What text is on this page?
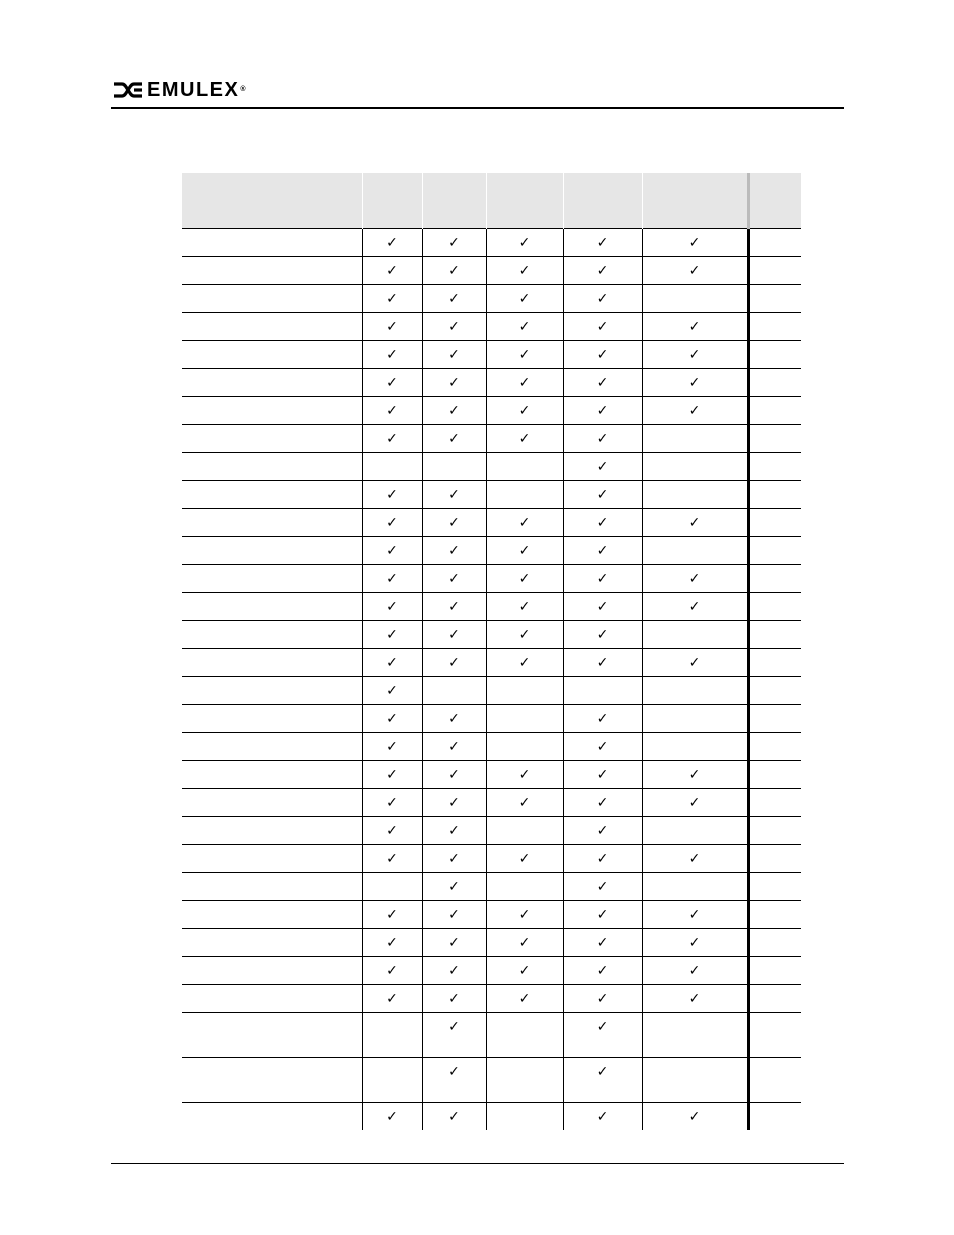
EMULEX®

	✓	✓	✓	✓	✓	
	✓	✓	✓	✓	✓	
	✓	✓	✓	✓		
	✓	✓	✓	✓	✓	
	✓	✓	✓	✓	✓	
	✓	✓	✓	✓	✓	
	✓	✓	✓	✓	✓	
	✓	✓	✓	✓		
				✓		
	✓	✓		✓		
	✓	✓	✓	✓	✓	
	✓	✓	✓	✓		
	✓	✓	✓	✓	✓	
	✓	✓	✓	✓	✓	
	✓	✓	✓	✓		
	✓	✓	✓	✓	✓	
	✓					
	✓	✓		✓		
	✓	✓		✓		
	✓	✓	✓	✓	✓	
	✓	✓	✓	✓	✓	
	✓	✓		✓		
	✓	✓	✓	✓	✓	
		✓		✓		
	✓	✓	✓	✓	✓	
	✓	✓	✓	✓	✓	
	✓	✓	✓	✓	✓	
	✓	✓	✓	✓	✓	
		✓		✓		
		✓		✓		
	✓	✓		✓	✓	
